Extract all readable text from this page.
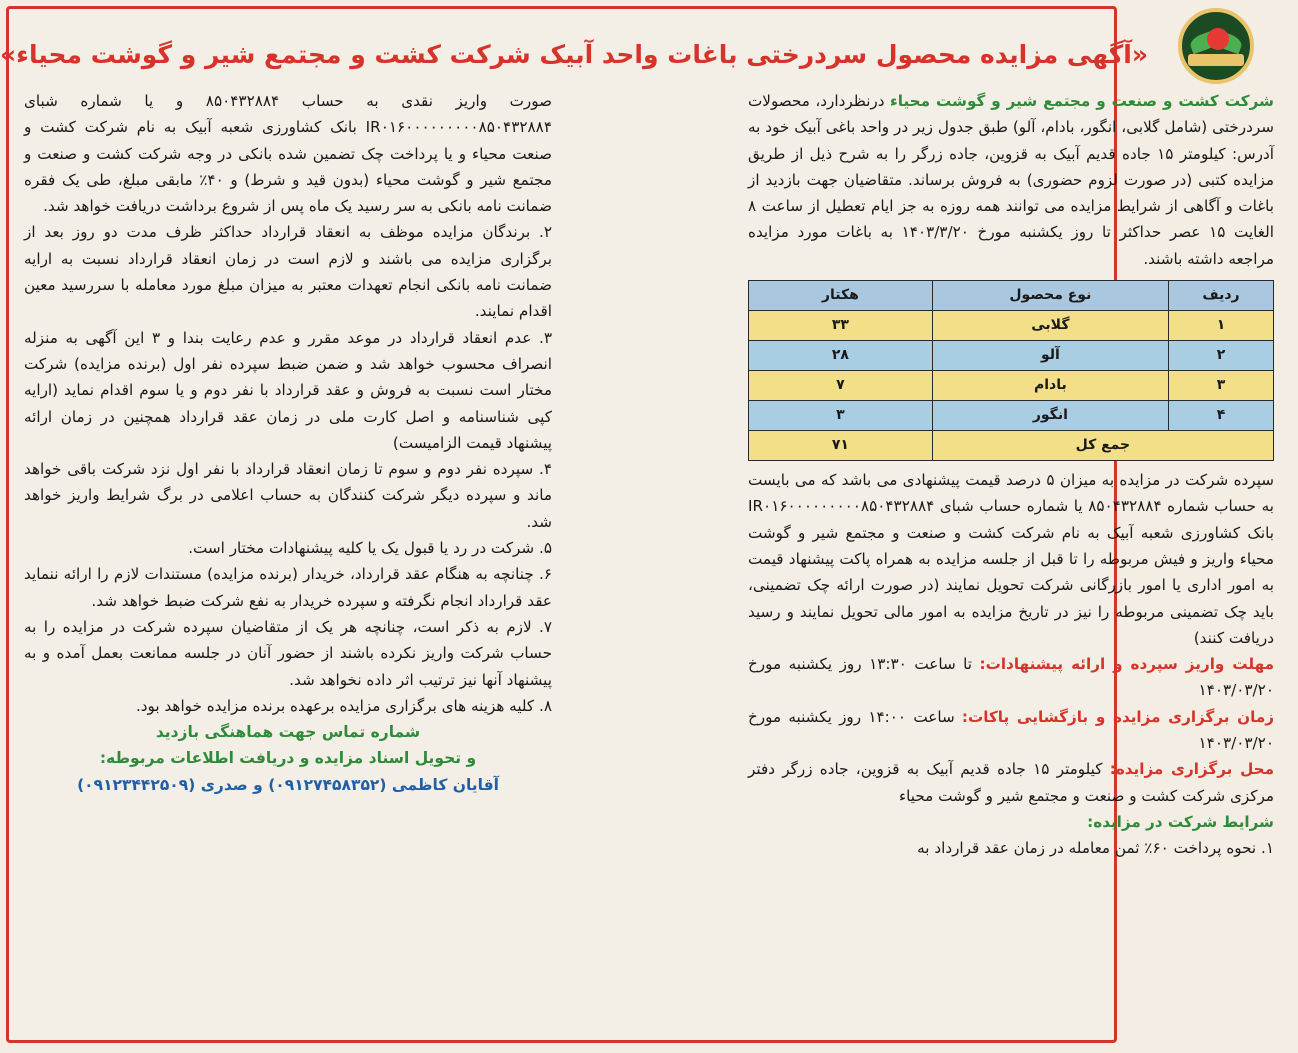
«آگهی مزایده محصول سردرختی باغات واحد آبیک شرکت کشت و مجتمع شیر و گوشت محیاء»

شرکت کشت و صنعت و مجتمع شیر و گوشت محیاء درنظردارد، محصولات سردرختی (شامل گلابی، انگور، بادام، آلو) طبق جدول زیر در واحد باغی آبیک خود به آدرس: کیلومتر ۱۵ جاده قدیم آبیک به قزوین، جاده زرگر را به شرح ذیل از طریق مزایده کتبی (در صورت لزوم حضوری) به فروش برساند. متقاضیان جهت بازدید از باغات و آگاهی از شرایط مزایده می توانند همه روزه به جز ایام تعطیل از ساعت ۸ الغایت ۱۵ عصر حداکثر تا روز یکشنبه مورخ ۱۴۰۳/۳/۲۰ به باغات مورد مزایده مراجعه داشته باشند.

ردیف	نوع محصول	هکتار
۱	گلابی	۳۳
۲	آلو	۲۸
۳	بادام	۷
۴	انگور	۳
جمع کل		۷۱

سپرده شرکت در مزایده به میزان ۵ درصد قیمت پیشنهادی می باشد که می بایست به حساب شماره ۸۵۰۴۳۲۸۸۴ یا شماره حساب شبای IR۰۱۶۰۰۰۰۰۰۰۰۰۸۵۰۴۳۲۸۸۴ بانک کشاورزی شعبه آبیک به نام شرکت کشت و صنعت و مجتمع شیر و گوشت محیاء واریز و فیش مربوطه را تا قبل از جلسه مزایده به همراه پاکت پیشنهاد قیمت به امور اداری یا امور بازرگانی شرکت تحویل نمایند (در صورت ارائه چک تضمینی، باید چک تضمینی مربوطه را نیز در تاریخ مزایده به امور مالی تحویل نمایند و رسید دریافت کنند)

مهلت واریز سپرده و ارائه پیشنهادات: تا ساعت ۱۳:۳۰ روز یکشنبه مورخ ۱۴۰۳/۰۳/۲۰

زمان برگزاری مزایده و بازگشایی پاکات: ساعت ۱۴:۰۰ روز یکشنبه مورخ ۱۴۰۳/۰۳/۲۰

محل برگزاری مزایده: کیلومتر ۱۵ جاده قدیم آبیک به قزوین، جاده زرگر دفتر مرکزی شرکت کشت و صنعت و مجتمع شیر و گوشت محیاء

شرایط شرکت در مزایده:

۱. نحوه پرداخت ۶۰٪ ثمن معامله در زمان عقد قرارداد به

صورت واریز نقدی به حساب ۸۵۰۴۳۲۸۸۴ و یا شماره شبای IR۰۱۶۰۰۰۰۰۰۰۰۰۸۵۰۴۳۲۸۸۴ بانک کشاورزی شعبه آبیک به نام شرکت کشت و صنعت محیاء و یا پرداخت چک تضمین شده بانکی در وجه شرکت کشت و صنعت و مجتمع شیر و گوشت محیاء (بدون قید و شرط) و ۴۰٪ مابقی مبلغ، طی یک فقره ضمانت نامه بانکی به سر رسید یک ماه پس از شروع برداشت دریافت خواهد شد.

۲. برندگان مزایده موظف به انعقاد قرارداد حداکثر ظرف مدت دو روز بعد از برگزاری مزایده می باشند و لازم است در زمان انعقاد قرارداد نسبت به ارایه ضمانت نامه بانکی انجام تعهدات معتبر به میزان مبلغ مورد معامله با سررسید معین اقدام نمایند.

۳. عدم انعقاد قرارداد در موعد مقرر و عدم رعایت بندا و ۳ این آگهی به منزله انصراف محسوب خواهد شد و ضمن ضبط سپرده نفر اول (برنده مزایده) شرکت مختار است نسبت به فروش و عقد قرارداد با نفر دوم و یا سوم اقدام نماید (ارایه کپی شناسنامه و اصل کارت ملی در زمان عقد قرارداد همچنین در زمان ارائه پیشنهاد قیمت الزامیست)

۴. سپرده نفر دوم و سوم تا زمان انعقاد قرارداد با نفر اول نزد شرکت باقی خواهد ماند و سپرده دیگر شرکت کنندگان به حساب اعلامی در برگ شرایط واریز خواهد شد.

۵. شرکت در رد یا قبول یک یا کلیه پیشنهادات مختار است.

۶. چنانچه به هنگام عقد قرارداد، خریدار (برنده مزایده) مستندات لازم را ارائه ننماید عقد قرارداد انجام نگرفته و سپرده خریدار به نفع شرکت ضبط خواهد شد.

۷. لازم به ذکر است، چنانچه هر یک از متقاضیان سپرده شرکت در مزایده را به حساب شرکت واریز نکرده باشند از حضور آنان در جلسه ممانعت بعمل آمده و به پیشنهاد آنها نیز ترتیب اثر داده نخواهد شد.

۸. کلیه هزینه های برگزاری مزایده برعهده برنده مزایده خواهد بود.

شماره تماس جهت هماهنگی بازدید

و تحویل اسناد مزایده و دریافت اطلاعات مربوطه:

آقایان کاظمی (۰۹۱۲۷۴۵۸۳۵۲) و صدری (۰۹۱۲۳۴۴۲۵۰۹)
